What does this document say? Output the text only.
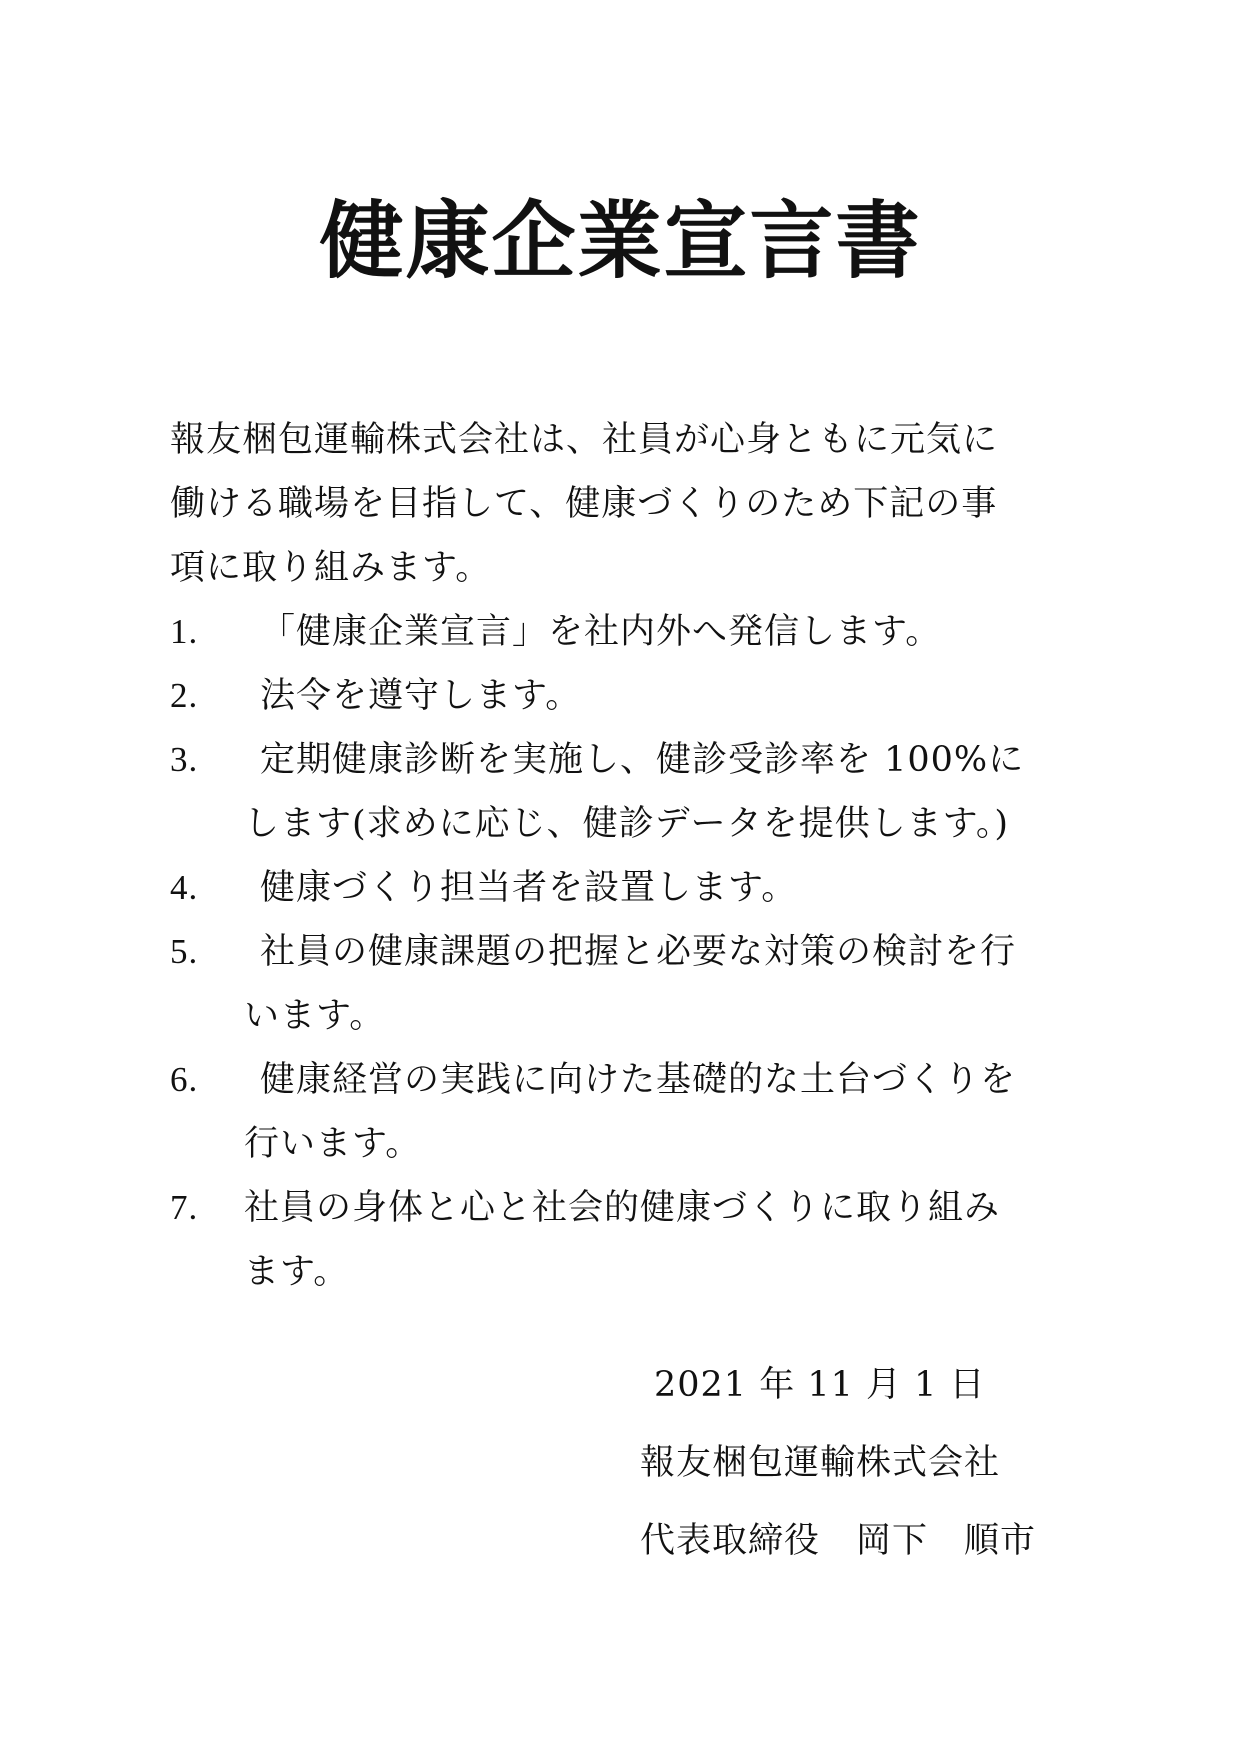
健康企業宣言書

報友梱包運輸株式会社は、社員が心身ともに元気に

働ける職場を目指して、健康づくりのため下記の事

項に取り組みます。

1.	「健康企業宣言」を社内外へ発信します。
2.	法令を遵守します。
3.	定期健康診断を実施し、健診受診率を 100%に
します(求めに応じ、健診データを提供します。)
4.	健康づくり担当者を設置します。
5.	社員の健康課題の把握と必要な対策の検討を行
います。
6.	健康経営の実践に向けた基礎的な土台づくりを
行います。
7. 社員の身体と心と社会的健康づくりに取り組み
ます。
2021 年 11 月 1 日
報友梱包運輸株式会社
代表取締役 岡下 順市
